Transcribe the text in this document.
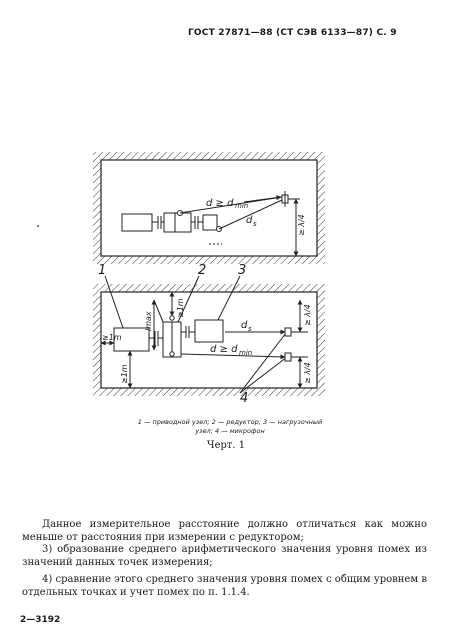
ГОСТ 27871—88 (СТ СЭВ 6133—87) С. 9
d ≥ d min
d s	≥ λ/4
1	2 3
4
lmax
≥1m
≥1m
≥1m
d s
d ≥ d min
≥ λ/4
≥ λ/4
1 — приводной узел; 2 — редуктор; 3 — нагрузочный
узел; 4 — микрофон
Черт. 1

Данное измерительное расстояние должно отличаться как можно меньше от расстояния при измерении с редуктором;

3) образование среднего арифметического значения уровня помех из значений данных точек измерения;

4) сравнение этого среднего значения уровня помех с общим уровнем в отдельных точках и учет помех по п. 1.1.4.

2—3192
